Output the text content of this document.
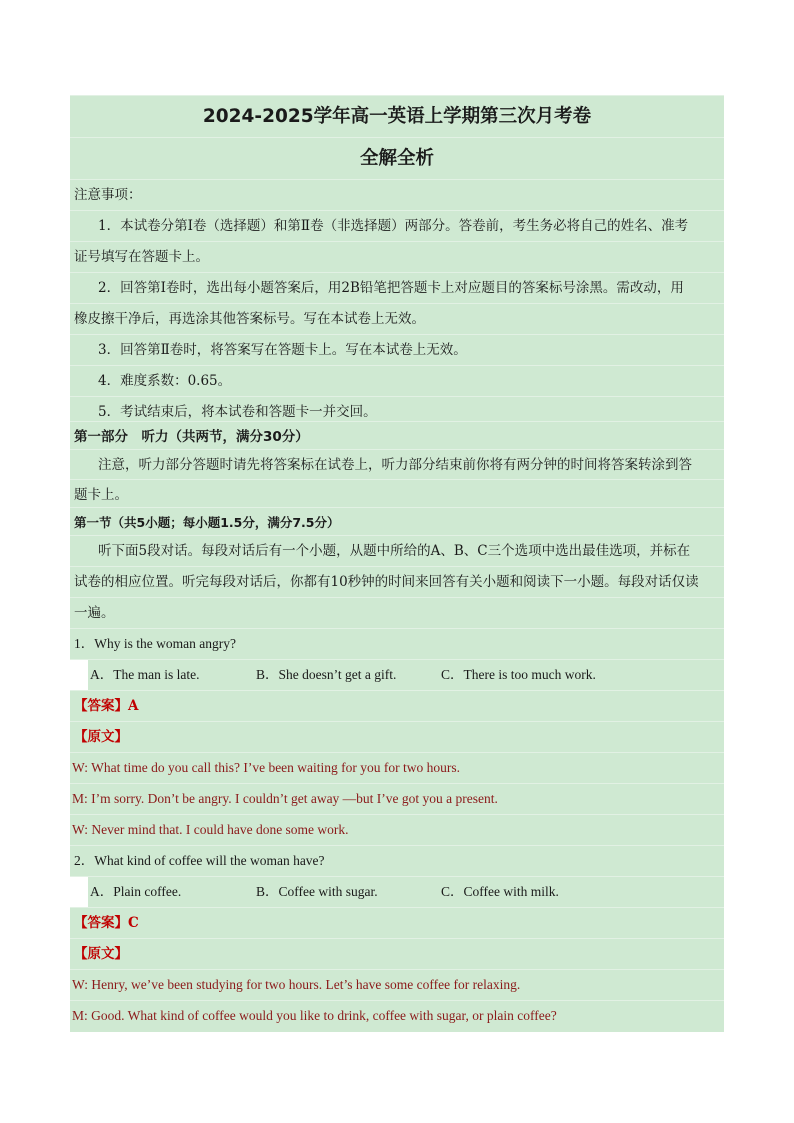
2024-2025学年高一英语上学期第三次月考卷
全解全析
注意事项：
1．本试卷分第Ⅰ卷（选择题）和第Ⅱ卷（非选择题）两部分。答卷前，考生务必将自己的姓名、准考
证号填写在答题卡上。
2．回答第Ⅰ卷时，选出每小题答案后，用2B铅笔把答题卡上对应题目的答案标号涂黑。需改动，用
橡皮擦干净后，再选涂其他答案标号。写在本试卷上无效。
3．回答第Ⅱ卷时，将答案写在答题卡上。写在本试卷上无效。
4．难度系数：0.65。
5．考试结束后，将本试卷和答题卡一并交回。
第一部分　听力（共两节，满分30分）
注意，听力部分答题时请先将答案标在试卷上，听力部分结束前你将有两分钟的时间将答案转涂到答
题卡上。
第一节（共5小题；每小题1.5分，满分7.5分）
听下面5段对话。每段对话后有一个小题，从题中所给的A、B、C三个选项中选出最佳选项，并标在
试卷的相应位置。听完每段对话后，你都有10秒钟的时间来回答有关小题和阅读下一小题。每段对话仅读
一遍。
1．Why is the woman angry?
A．The man is late.	B．She doesn’t get a gift.	C．There is too much work.
【答案】A
【原文】
W: What time do you call this? I’ve been waiting for you for two hours.
M: I’m sorry. Don’t be angry. I couldn’t get away —but I’ve got you a present.
W: Never mind that. I could have done some work.
2．What kind of coffee will the woman have?
A．Plain coffee.	B．Coffee with sugar.	C．Coffee with milk.
【答案】C
【原文】
W: Henry, we’ve been studying for two hours. Let’s have some coffee for relaxing.
M: Good. What kind of coffee would you like to drink, coffee with sugar, or plain coffee?
